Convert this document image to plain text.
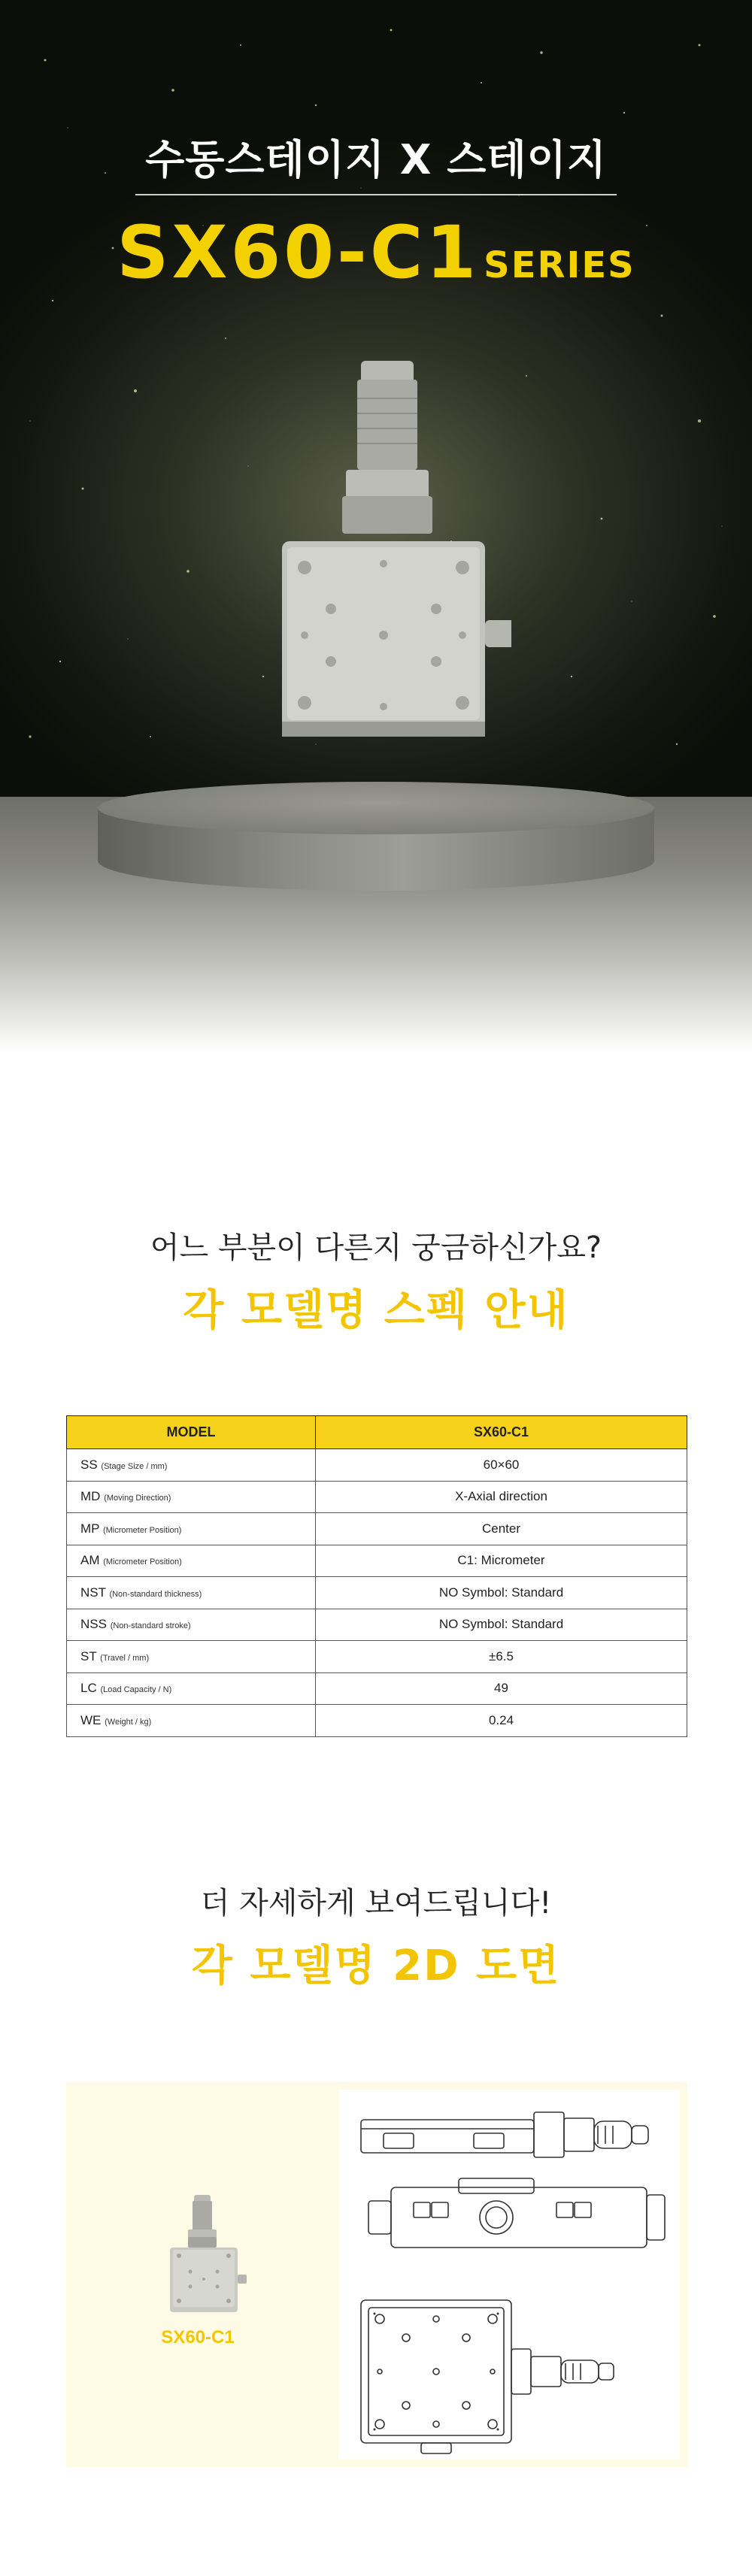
수동스테이지 X 스테이지
SX60-C1 SERIES
어느 부분이 다른지 궁금하신가요?
각 모델명 스펙 안내
MODEL	SX60-C1
SS (Stage Size / mm)	60×60
MD (Moving Direction)	X-Axial direction
MP (Micrometer Position)	Center
AM (Micrometer Position)	C1: Micrometer
NST (Non-standard thickness)	NO Symbol: Standard
NSS (Non-standard stroke)	NO Symbol: Standard
ST (Travel / mm)	±6.5
LC (Load Capacity / N)	49
WE (Weight / kg)	0.24
더 자세하게 보여드립니다!
각 모델명 2D 도면
SX60-C1
